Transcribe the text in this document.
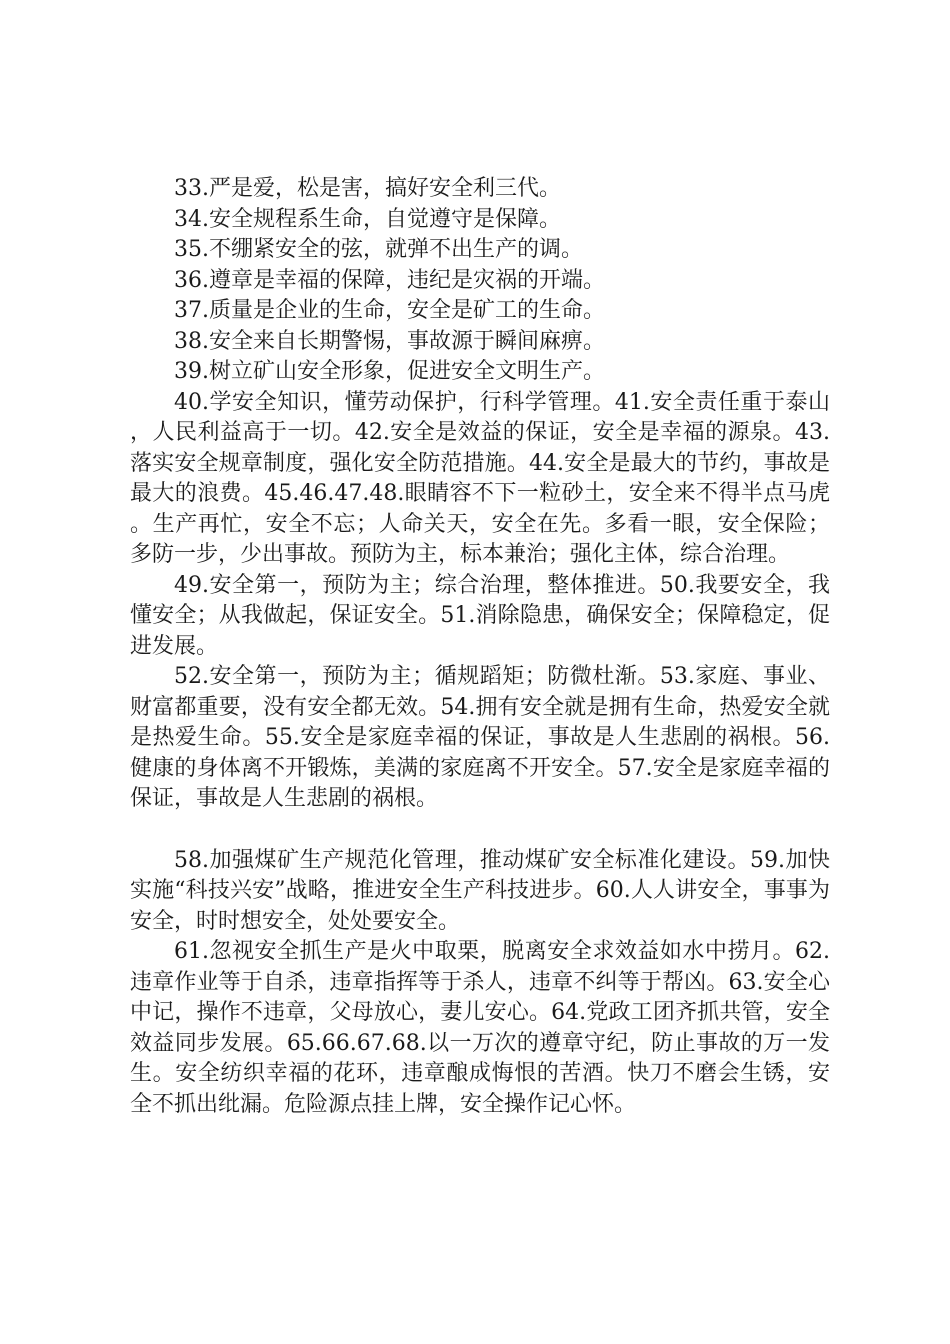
33.严是爱，松是害，搞好安全利三代。

34.安全规程系生命，自觉遵守是保障。

35.不绷紧安全的弦，就弹不出生产的调。

36.遵章是幸福的保障，违纪是灾祸的开端。

37.质量是企业的生命，安全是矿工的生命。

38.安全来自长期警惕，事故源于瞬间麻痹。

39.树立矿山安全形象，促进安全文明生产。

40.学安全知识，懂劳动保护，行科学管理。41.安全责任重于泰山，人民利益高于一切。42.安全是效益的保证，安全是幸福的源泉。43.落实安全规章制度，强化安全防范措施。44.安全是最大的节约，事故是最大的浪费。45.46.47.48.眼睛容不下一粒砂土，安全来不得半点马虎。生产再忙，安全不忘；人命关天，安全在先。多看一眼，安全保险；多防一步，少出事故。预防为主，标本兼治；强化主体，综合治理。

49.安全第一，预防为主；综合治理，整体推进。50.我要安全，我懂安全；从我做起，保证安全。51.消除隐患，确保安全；保障稳定，促进发展。

52.安全第一，预防为主；循规蹈矩；防微杜渐。53.家庭、事业、财富都重要，没有安全都无效。54.拥有安全就是拥有生命，热爱安全就是热爱生命。55.安全是家庭幸福的保证，事故是人生悲剧的祸根。56.健康的身体离不开锻炼，美满的家庭离不开安全。57.安全是家庭幸福的保证，事故是人生悲剧的祸根。

58.加强煤矿生产规范化管理，推动煤矿安全标准化建设。59.加快实施“科技兴安”战略，推进安全生产科技进步。60.人人讲安全，事事为安全，时时想安全，处处要安全。

61.忽视安全抓生产是火中取栗，脱离安全求效益如水中捞月。62.违章作业等于自杀，违章指挥等于杀人，违章不纠等于帮凶。63.安全心中记，操作不违章，父母放心，妻儿安心。64.党政工团齐抓共管，安全效益同步发展。65.66.67.68.以一万次的遵章守纪，防止事故的万一发生。安全纺织幸福的花环，违章酿成悔恨的苦酒。快刀不磨会生锈，安全不抓出纰漏。危险源点挂上牌，安全操作记心怀。
